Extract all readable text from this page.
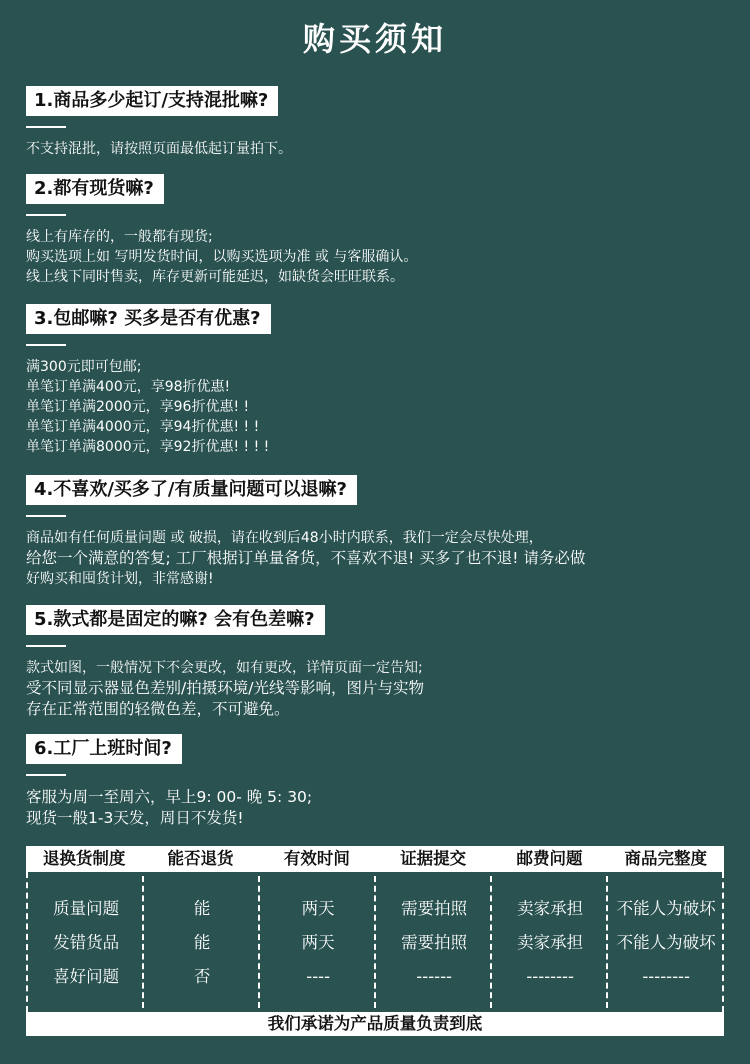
购买须知
1.商品多少起订/支持混批嘛?
不支持混批，请按照页面最低起订量拍下。
2.都有现货嘛?
线上有库存的，一般都有现货;
购买选项上如 写明发货时间，以购买选项为准 或 与客服确认。
线上线下同时售卖，库存更新可能延迟，如缺货会旺旺联系。
3.包邮嘛? 买多是否有优惠?
满300元即可包邮;
单笔订单满400元，享98折优惠!
单笔订单满2000元，享96折优惠! !
单笔订单满4000元，享94折优惠! ! !
单笔订单满8000元，享92折优惠! ! ! !
4.不喜欢/买多了/有质量问题可以退嘛?
商品如有任何质量问题 或 破损，请在收到后48小时内联系，我们一定会尽快处理，
给您一个满意的答复; 工厂根据订单量备货，不喜欢不退! 买多了也不退! 请务必做
好购买和囤货计划，非常感谢!
5.款式都是固定的嘛? 会有色差嘛?
款式如图，一般情况下不会更改，如有更改，详情页面一定告知;
受不同显示器显色差别/拍摄环境/光线等影响，图片与实物
存在正常范围的轻微色差，不可避免。
6.工厂上班时间?
客服为周一至周六，早上9: 00- 晚 5: 30;
现货一般1-3天发，周日不发货!
退换货制度	能否退货	有效时间	证据提交	邮费问题	商品完整度
质量问题	能	两天	需要拍照	卖家承担	不能人为破坏
发错货品	能	两天	需要拍照	卖家承担	不能人为破坏
喜好问题	否	----	------	--------	--------
我们承诺为产品质量负责到底
